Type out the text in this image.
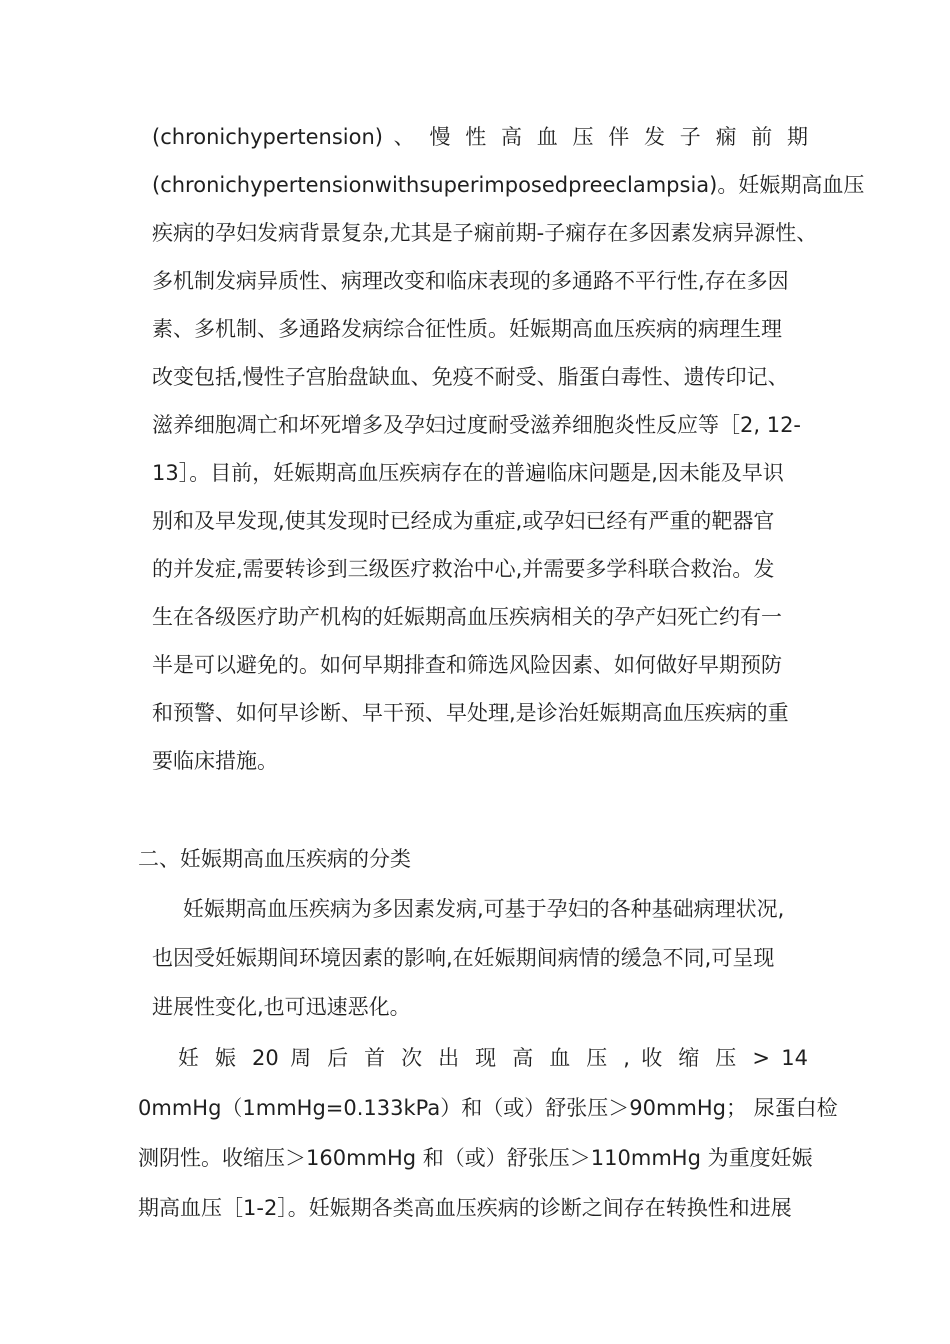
(chronichypertension) 、 慢 性 高 血 压 伴 发 子 痫 前 期
(chronichypertensionwithsuperimposedpreeclampsia)。妊娠期高血压
疾病的孕妇发病背景复杂,尤其是子痫前期-子痫存在多因素发病异源性、
多机制发病异质性、病理改变和临床表现的多通路不平行性,存在多因
素、多机制、多通路发病综合征性质。妊娠期高血压疾病的病理生理
改变包括,慢性子宫胎盘缺血、免疫不耐受、脂蛋白毒性、遗传印记、
滋养细胞凋亡和坏死增多及孕妇过度耐受滋养细胞炎性反应等［2, 12-
13］。目前，妊娠期高血压疾病存在的普遍临床问题是,因未能及早识
别和及早发现,使其发现时已经成为重症,或孕妇已经有严重的靶器官
的并发症,需要转诊到三级医疗救治中心,并需要多学科联合救治。发
生在各级医疗助产机构的妊娠期高血压疾病相关的孕产妇死亡约有一
半是可以避免的。如何早期排查和筛选风险因素、如何做好早期预防
和预警、如何早诊断、早干预、早处理,是诊治妊娠期高血压疾病的重
要临床措施。
二、妊娠期高血压疾病的分类
妊娠期高血压疾病为多因素发病,可基于孕妇的各种基础病理状况,
也因受妊娠期间环境因素的影响,在妊娠期间病情的缓急不同,可呈现
进展性变化,也可迅速恶化。
妊 娠 20 周 后 首 次 出 现 高 血 压 , 收 缩 压 > 14
0mmHg（1mmHg=0.133kPa）和（或）舒张压＞90mmHg； 尿蛋白检
测阴性。收缩压＞160mmHg 和（或）舒张压＞110mmHg 为重度妊娠
期高血压［1-2］。妊娠期各类高血压疾病的诊断之间存在转换性和进展
